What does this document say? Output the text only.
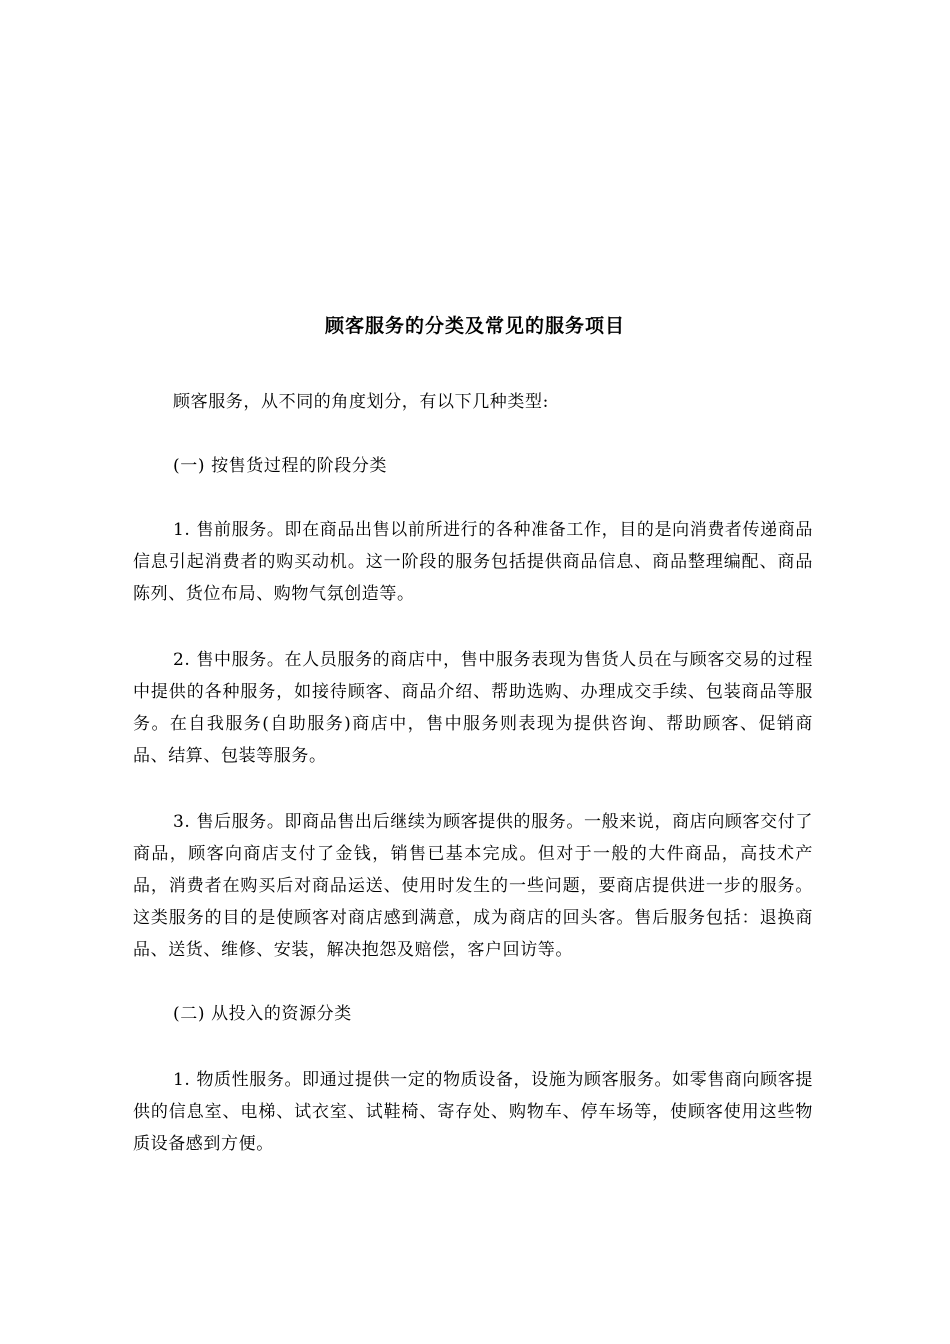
顾客服务的分类及常见的服务项目
顾客服务，从不同的角度划分，有以下几种类型:
(一) 按售货过程的阶段分类
1. 售前服务。即在商品出售以前所进行的各种准备工作，目的是向消费者传递商品信息引起消费者的购买动机。这一阶段的服务包括提供商品信息、商品整理编配、商品陈列、货位布局、购物气氛创造等。
2. 售中服务。在人员服务的商店中，售中服务表现为售货人员在与顾客交易的过程中提供的各种服务，如接待顾客、商品介绍、帮助选购、办理成交手续、包装商品等服务。在自我服务(自助服务)商店中，售中服务则表现为提供咨询、帮助顾客、促销商品、结算、包装等服务。
3. 售后服务。即商品售出后继续为顾客提供的服务。一般来说，商店向顾客交付了商品，顾客向商店支付了金钱，销售已基本完成。但对于一般的大件商品，高技术产品，消费者在购买后对商品运送、使用时发生的一些问题，要商店提供进一步的服务。这类服务的目的是使顾客对商店感到满意，成为商店的回头客。售后服务包括：退换商品、送货、维修、安装，解决抱怨及赔偿，客户回访等。
(二) 从投入的资源分类
1. 物质性服务。即通过提供一定的物质设备，设施为顾客服务。如零售商向顾客提供的信息室、电梯、试衣室、试鞋椅、寄存处、购物车、停车场等，使顾客使用这些物质设备感到方便。
